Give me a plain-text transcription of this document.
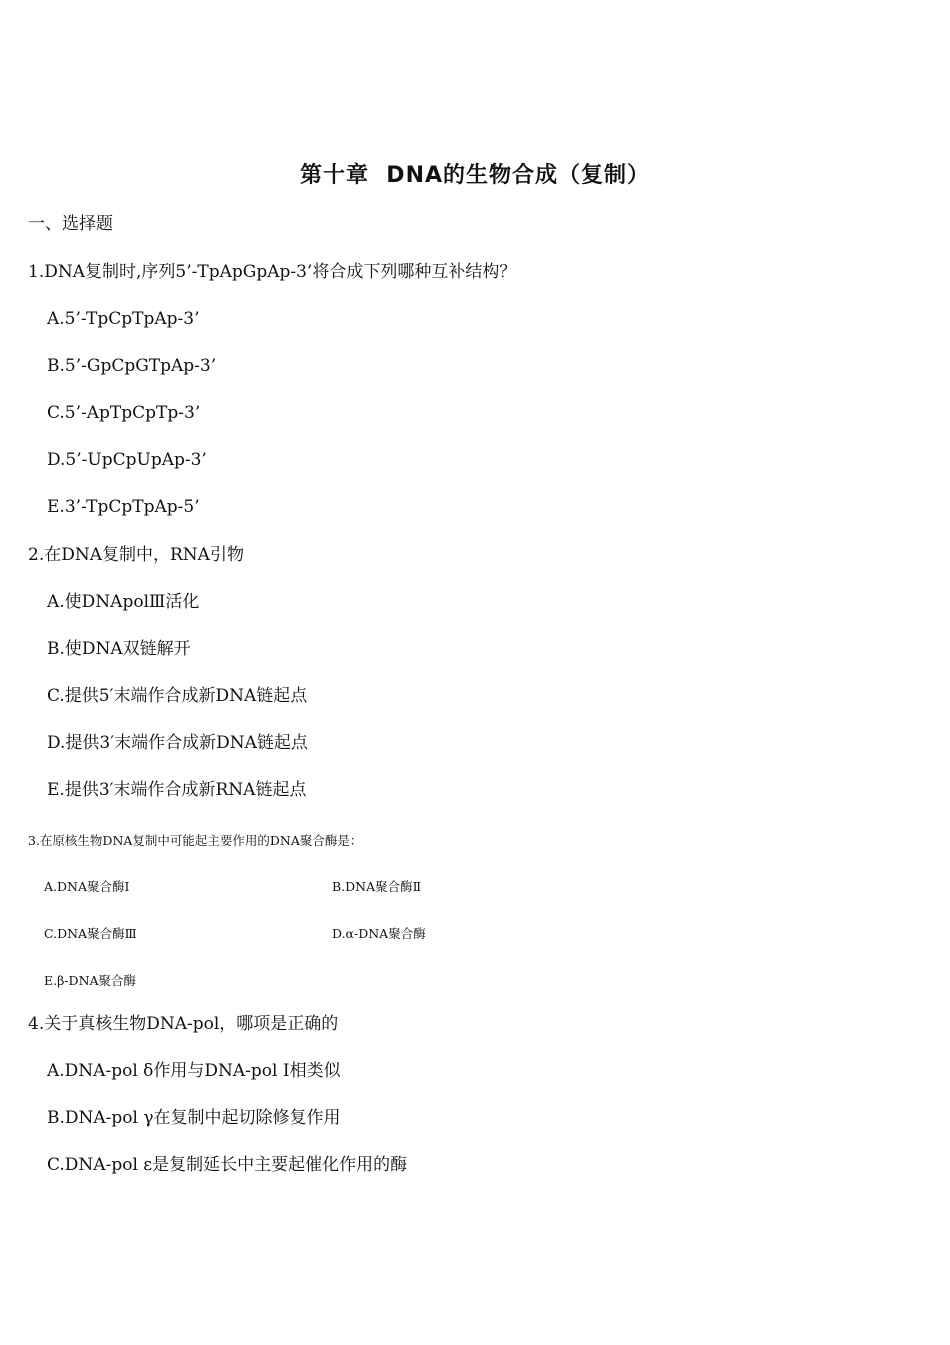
第十章  DNA的生物合成（复制）
一、选择题
1.DNA复制时,序列5’-TpApGpAp-3’将合成下列哪种互补结构？
A.5’-TpCpTpAp-3’
B.5’-GpCpGTpAp-3’
C.5’-ApTpCpTp-3’
D.5’-UpCpUpAp-3’
E.3’-TpCpTpAp-5’
2.在DNA复制中，RNA引物
A.使DNApolⅢ活化
B.使DNA双链解开
C.提供5′末端作合成新DNA链起点
D.提供3′末端作合成新DNA链起点
E.提供3′末端作合成新RNA链起点
3.在原核生物DNA复制中可能起主要作用的DNA聚合酶是：
A.DNA聚合酶Ⅰ	B.DNA聚合酶Ⅱ
C.DNA聚合酶Ⅲ	D.α-DNA聚合酶
E.β-DNA聚合酶
4.关于真核生物DNA-pol，哪项是正确的
A.DNA-pol δ作用与DNA-pol Ⅰ相类似
B.DNA-pol γ在复制中起切除修复作用
C.DNA-pol ε是复制延长中主要起催化作用的酶
